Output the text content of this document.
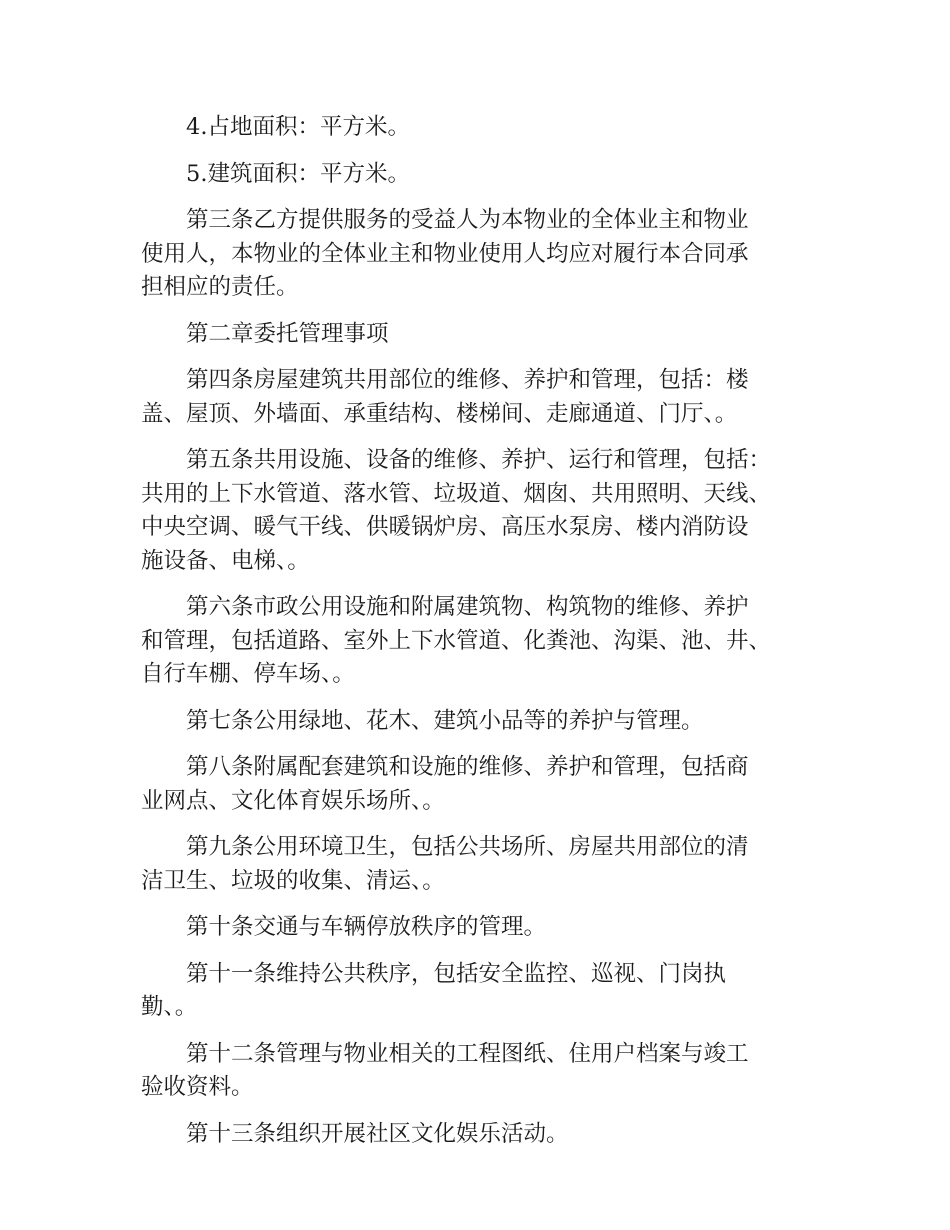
4.占地面积：平方米。

5.建筑面积：平方米。

第三条乙方提供服务的受益人为本物业的全体业主和物业
使用人，本物业的全体业主和物业使用人均应对履行本合同承
担相应的责任。

第二章委托管理事项

第四条房屋建筑共用部位的维修、养护和管理，包括：楼
盖、屋顶、外墙面、承重结构、楼梯间、走廊通道、门厅、。

第五条共用设施、设备的维修、养护、运行和管理，包括：
共用的上下水管道、落水管、垃圾道、烟囱、共用照明、天线、
中央空调、暖气干线、供暖锅炉房、高压水泵房、楼内消防设
施设备、电梯、。

第六条市政公用设施和附属建筑物、构筑物的维修、养护
和管理，包括道路、室外上下水管道、化粪池、沟渠、池、井、
自行车棚、停车场、。

第七条公用绿地、花木、建筑小品等的养护与管理。

第八条附属配套建筑和设施的维修、养护和管理，包括商
业网点、文化体育娱乐场所、。

第九条公用环境卫生，包括公共场所、房屋共用部位的清
洁卫生、垃圾的收集、清运、。

第十条交通与车辆停放秩序的管理。

第十一条维持公共秩序，包括安全监控、巡视、门岗执
勤、。

第十二条管理与物业相关的工程图纸、住用户档案与竣工
验收资料。

第十三条组织开展社区文化娱乐活动。
